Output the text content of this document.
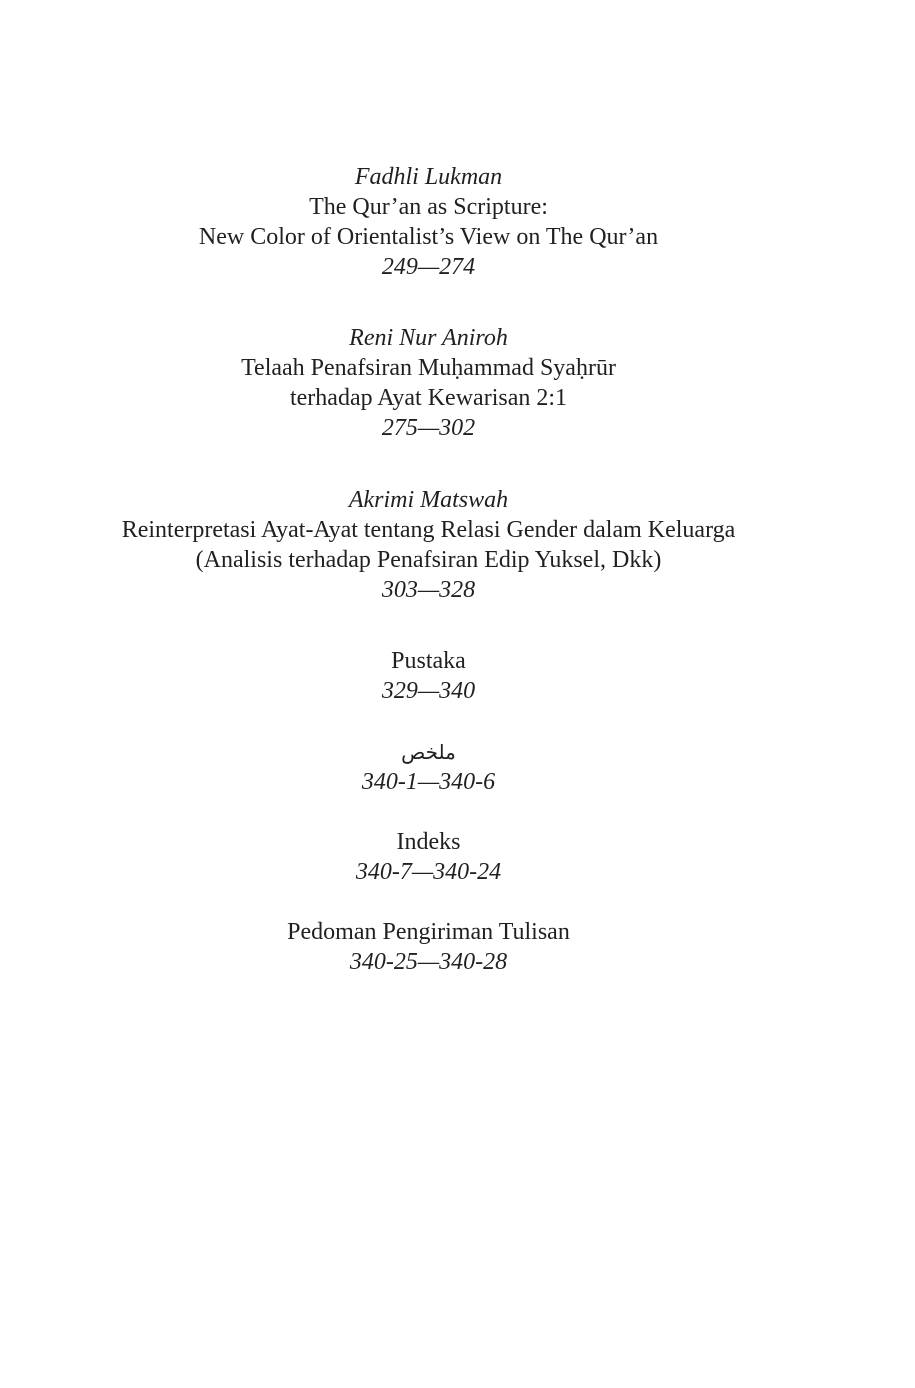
Fadhli Lukman
The Qur’an as Scripture:
New Color of Orientalist’s View on The Qur’an
249—274
Reni Nur Aniroh
Telaah Penafsiran Muḥammad Syaḥrūr
terhadap Ayat Kewarisan 2:1
275—302
Akrimi Matswah
Reinterpretasi Ayat-Ayat tentang Relasi Gender dalam Keluarga
(Analisis terhadap Penafsiran Edip Yuksel, Dkk)
303—328
Pustaka
329—340
ملخص
340-1—340-6
Indeks
340-7—340-24
Pedoman Pengiriman Tulisan
340-25—340-28
